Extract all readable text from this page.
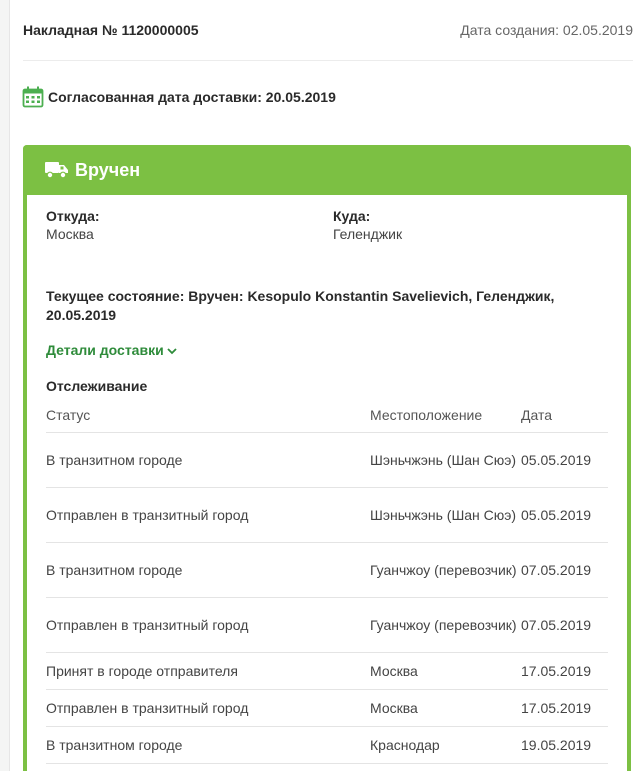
Накладная № 1120000005	Дата создания: 02.05.2019
Согласованная дата доставки: 20.05.2019
Вручен
Откуда:
Москва
Куда:
Геленджик
Текущее состояние: Вручен: Kesopulo Konstantin Savelievich, Геленджик, 20.05.2019
Детали доставки
Отслеживание
Статус	Местоположение	Дата
В транзитном городе	Шэньчжэнь (Шан Сюэ) 05.05.2019
Отправлен в транзитный город	Шэньчжэнь (Шан Сюэ) 05.05.2019
В транзитном городе	Гуанчжоу (перевозчик) 07.05.2019
Отправлен в транзитный город	Гуанчжоу (перевозчик) 07.05.2019
Принят в городе отправителя	Москва	17.05.2019
Отправлен в транзитный город	Москва	17.05.2019
В транзитном городе	Краснодар	19.05.2019
